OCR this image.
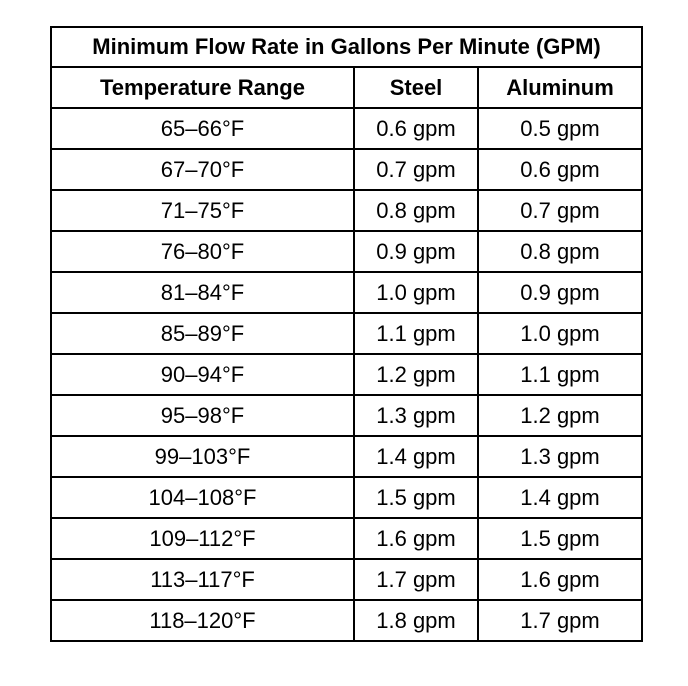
Minimum Flow Rate in Gallons Per Minute (GPM)		
Temperature Range	Steel	Aluminum
65–66°F	0.6 gpm	0.5 gpm
67–70°F	0.7 gpm	0.6 gpm
71–75°F	0.8 gpm	0.7 gpm
76–80°F	0.9 gpm	0.8 gpm
81–84°F	1.0 gpm	0.9 gpm
85–89°F	1.1 gpm	1.0 gpm
90–94°F	1.2 gpm	1.1 gpm
95–98°F	1.3 gpm	1.2 gpm
99–103°F	1.4 gpm	1.3 gpm
104–108°F	1.5 gpm	1.4 gpm
109–112°F	1.6 gpm	1.5 gpm
113–117°F	1.7 gpm	1.6 gpm
118–120°F	1.8 gpm	1.7 gpm
